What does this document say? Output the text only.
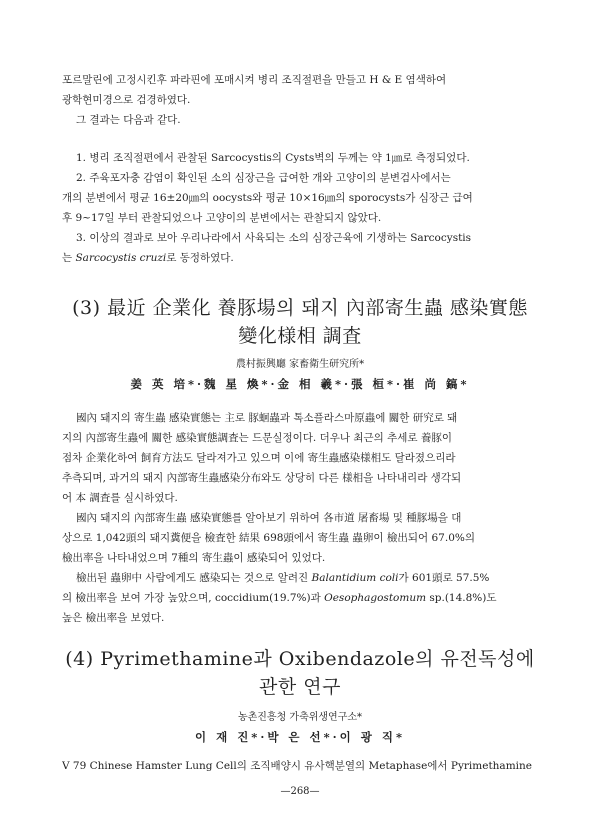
포르말린에 고정시킨후 파라핀에 포매시켜 병리 조직절편을 만들고 H & E 염색하여

광학현미경으로 검경하였다.

그 결과는 다음과 같다.

1. 병리 조직절편에서 관찰된 Sarcocystis의 Cysts벽의 두께는 약 1㎛로 측정되었다.

2. 주육포자충 감염이 확인된 소의 심장근을 급여한 개와 고양이의 분변검사에서는

개의 분변에서 평균 16±20㎛의 oocysts와 평균 10×16㎛의 sporocysts가 심장근 급여

후 9~17일 부터 관찰되었으나 고양이의 분변에서는 관찰되지 않았다.

3. 이상의 결과로 보아 우리나라에서 사육되는 소의 심장근육에 기생하는 Sarcocystis

는 Sarcocystis cruzi로 동정하였다.

(3) 最近 企業化 養豚場의 돼지 內部寄生蟲 感染實態
變化様相 調査

農村振興廳 家畜衛生研究所*

姜 英 培*·魏 星 煥*·金 相 羲*·張 桓*·崔 尚 鎬*

國內 돼지의 寄生蟲 感染實態는 主로 豚蛔蟲과 톡소플라스마原蟲에 關한 研究로 돼

지의 內部寄生蟲에 關한 感染實態調査는 드문실정이다. 더우나 최근의 추세로 養豚이

점차 企業化하여 飼育方法도 달라져가고 있으며 이에 寄生蟲感染様相도 달라졌으리라

추측되며, 과거의 돼지 內部寄生蟲感染分布와도 상당히 다른 様相을 나타내리라 생각되

어 本 調査를 실시하였다.

國內 돼지의 內部寄生蟲 感染實態를 알아보기 위하여 各市道 屠畜場 및 種豚場을 대

상으로 1,042頭의 돼지糞便을 檢査한 結果 698頭에서 寄生蟲 蟲卵이 檢出되어 67.0%의

檢出率을 나타내었으며 7種의 寄生蟲이 感染되어 있었다.

檢出된 蟲卵中 사람에게도 感染되는 것으로 알려진 Balantidium coli가 601頭로 57.5%

의 檢出率을 보여 가장 높았으며, coccidium(19.7%)과 Oesophagostomum sp.(14.8%)도

높은 檢出率을 보였다.

(4) Pyrimethamine과 Oxibendazole의 유전독성에
관한 연구

농촌진흥청 가축위생연구소*

이 재 진*·박 은 선*·이 광 직*

V 79 Chinese Hamster Lung Cell의 조직배양시 유사핵분열의 Metaphase에서 Pyrimethamine

—268—
